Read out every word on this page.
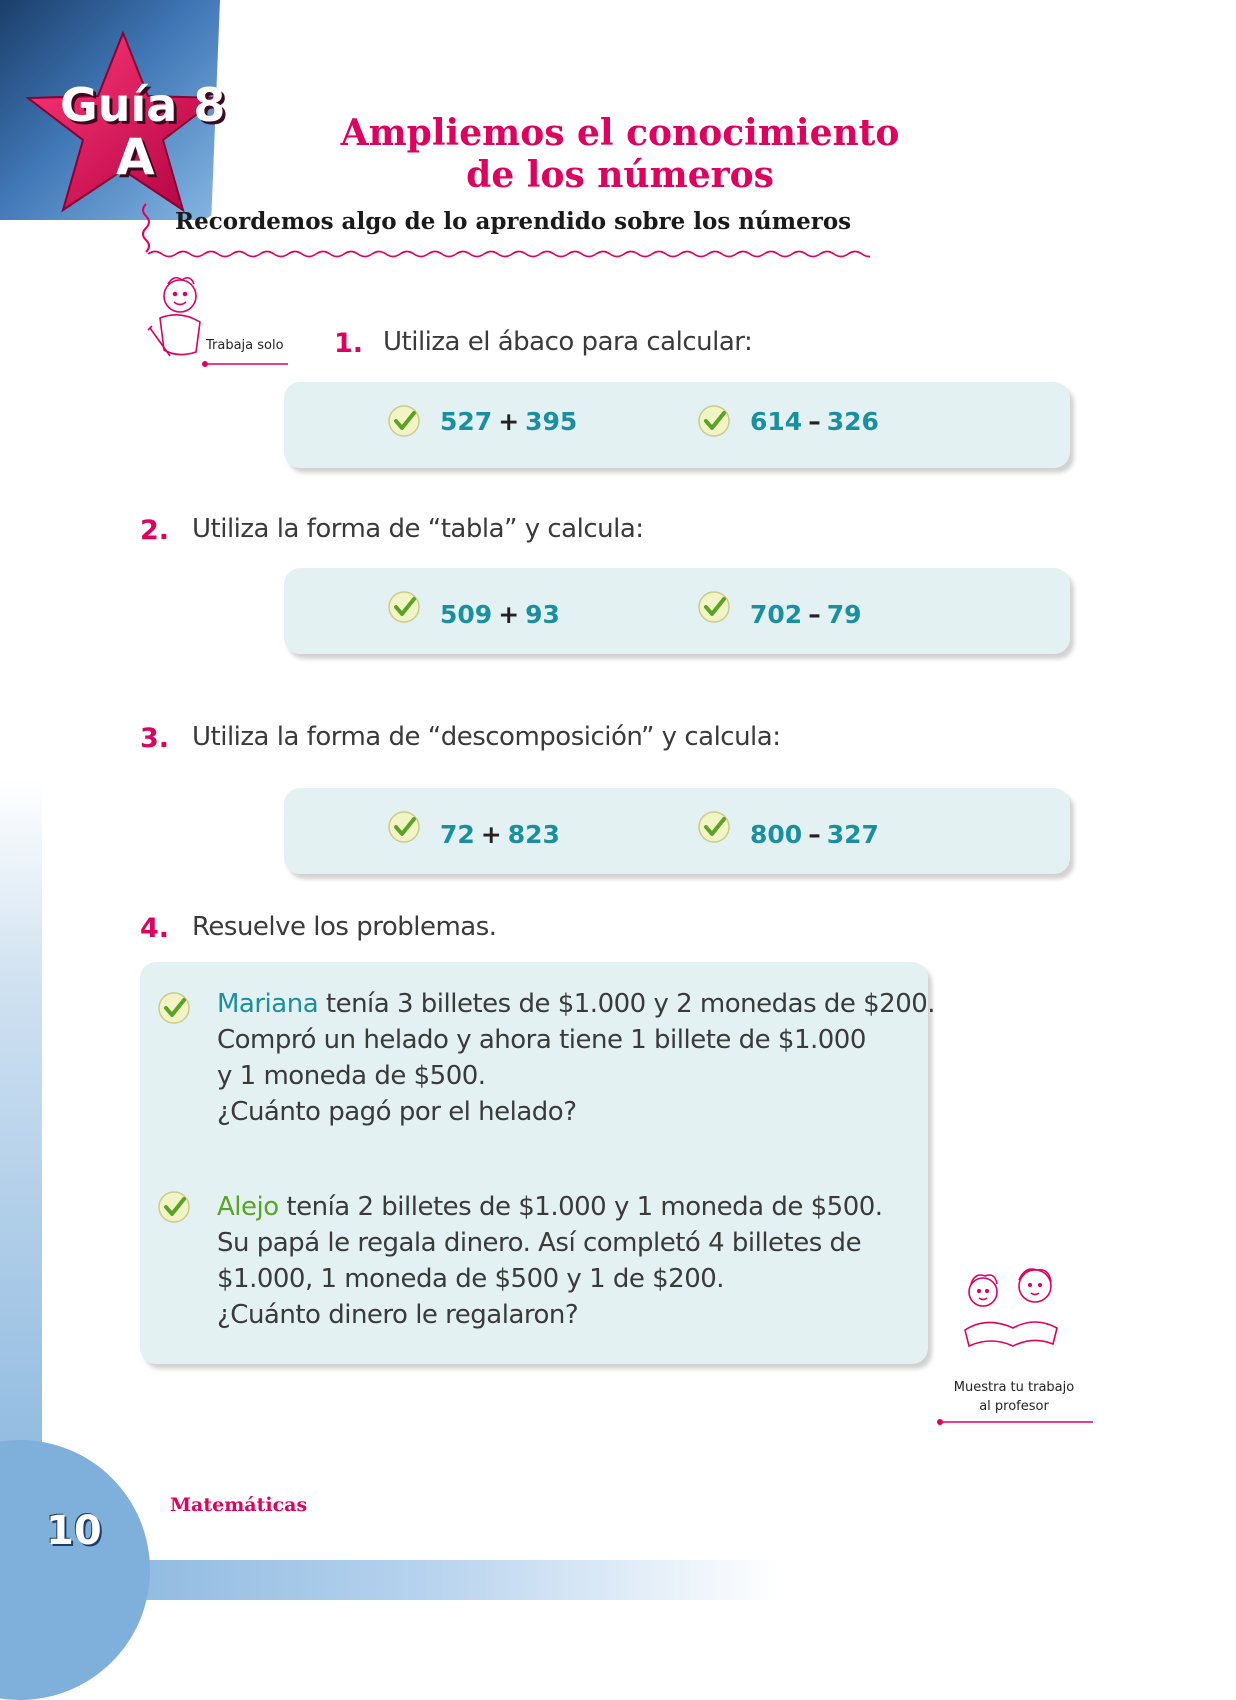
10
Matemáticas
Guía 8
A	Ampliemos el conocimiento
de los números
Recordemos algo de lo aprendido sobre los números
Trabaja solo 1. Utiliza el ábaco para calcular:
527 + 395	614 – 326
2. Utiliza la forma de “tabla” y calcula:
509 + 93	702 – 79
3. Utiliza la forma de “descomposición” y calcula:
72 + 823	800 – 327
4. Resuelve los problemas.

Mariana tenía 3 billetes de $1.000 y 2 monedas de $200.

Compró un helado y ahora tiene 1 billete de $1.000

y 1 moneda de $500.

¿Cuánto pagó por el helado?

Alejo tenía 2 billetes de $1.000 y 1 moneda de $500.

Su papá le regala dinero. Así completó 4 billetes de

$1.000, 1 moneda de $500 y 1 de $200.

¿Cuánto dinero le regalaron?

Muestra tu trabajo
al profesor
